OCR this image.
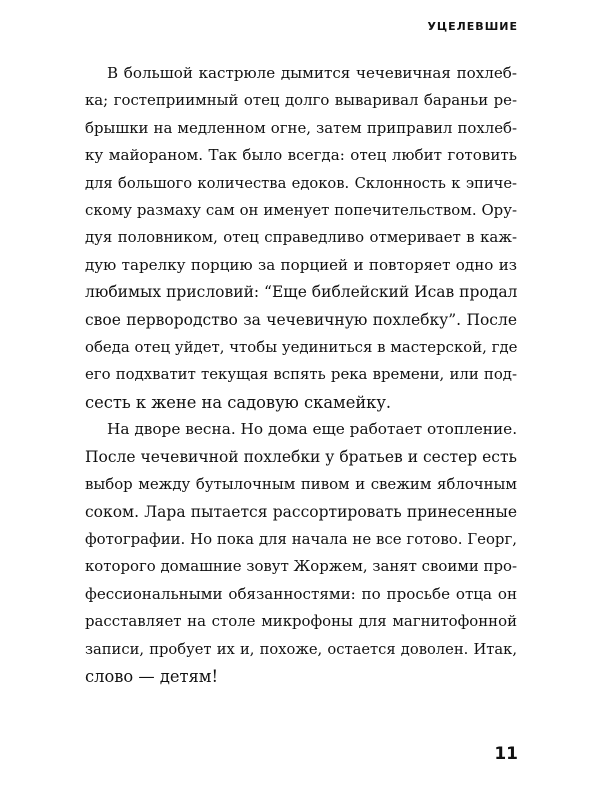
УЦЕЛЕВШИЕ
В большой кастрюле дымится чечевичная похлеб-
ка; гостеприимный отец долго вываривал бараньи ре-
брышки на медленном огне, затем приправил похлеб-
ку майораном. Так было всегда: отец любит готовить
для большого количества едоков. Склонность к эпиче-
скому размаху сам он именует попечительством. Ору-
дуя половником, отец справедливо отмеривает в каж-
дую тарелку порцию за порцией и повторяет одно из
любимых присловий: “Еще библейский Исав продал
свое первородство за чечевичную похлебку”. После
обеда отец уйдет, чтобы уединиться в мастерской, где
его подхватит текущая вспять река времени, или под-
сесть к жене на садовую скамейку.
На дворе весна. Но дома еще работает отопление.
После чечевичной похлебки у братьев и сестер есть
выбор между бутылочным пивом и свежим яблочным
соком. Лара пытается рассортировать принесенные
фотографии. Но пока для начала не все готово. Георг,
которого домашние зовут Жоржем, занят своими про-
фессиональными обязанностями: по просьбе отца он
расставляет на столе микрофоны для магнитофонной
записи, пробует их и, похоже, остается доволен. Итак,
слово — детям!
11
